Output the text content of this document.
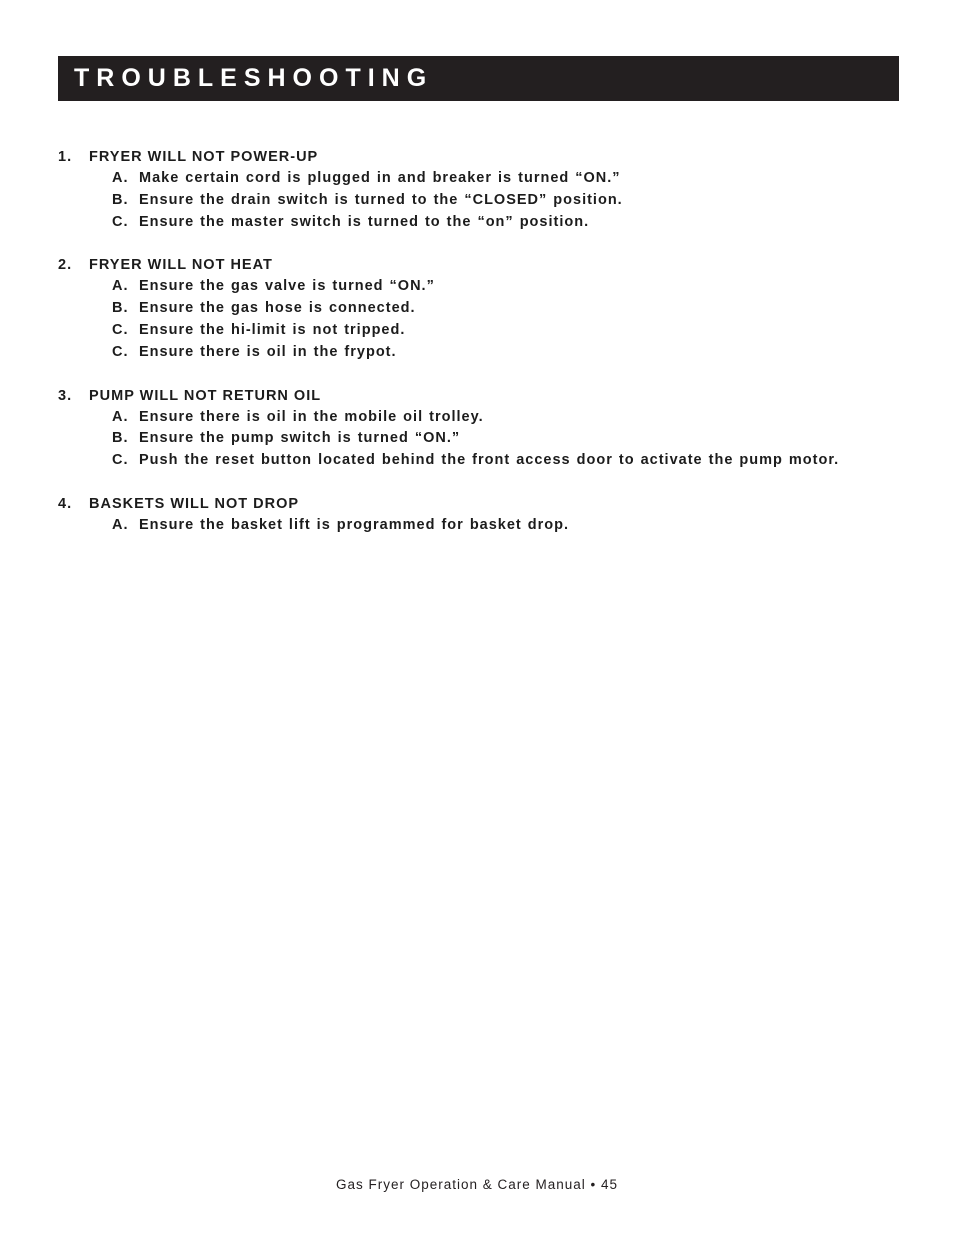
TROUBLESHOOTING
1. FRYER WILL NOT POWER-UP
A. Make certain cord is plugged in and breaker is turned “ON.”
B. Ensure the drain switch is turned to the “CLOSED” position.
C. Ensure the master switch is turned to the “on” position.
2. FRYER WILL NOT HEAT
A. Ensure the gas valve is turned “ON.”
B. Ensure the gas hose is connected.
C. Ensure the hi-limit is not tripped.
C. Ensure there is oil in the frypot.
3. PUMP WILL NOT RETURN OIL
A. Ensure there is oil in the mobile oil trolley.
B. Ensure the pump switch is turned “ON.”
C. Push the reset button located behind the front access door to activate the pump motor.
4. BASKETS WILL NOT DROP
A. Ensure the basket lift is programmed for basket drop.
Gas Fryer Operation & Care Manual • 45
